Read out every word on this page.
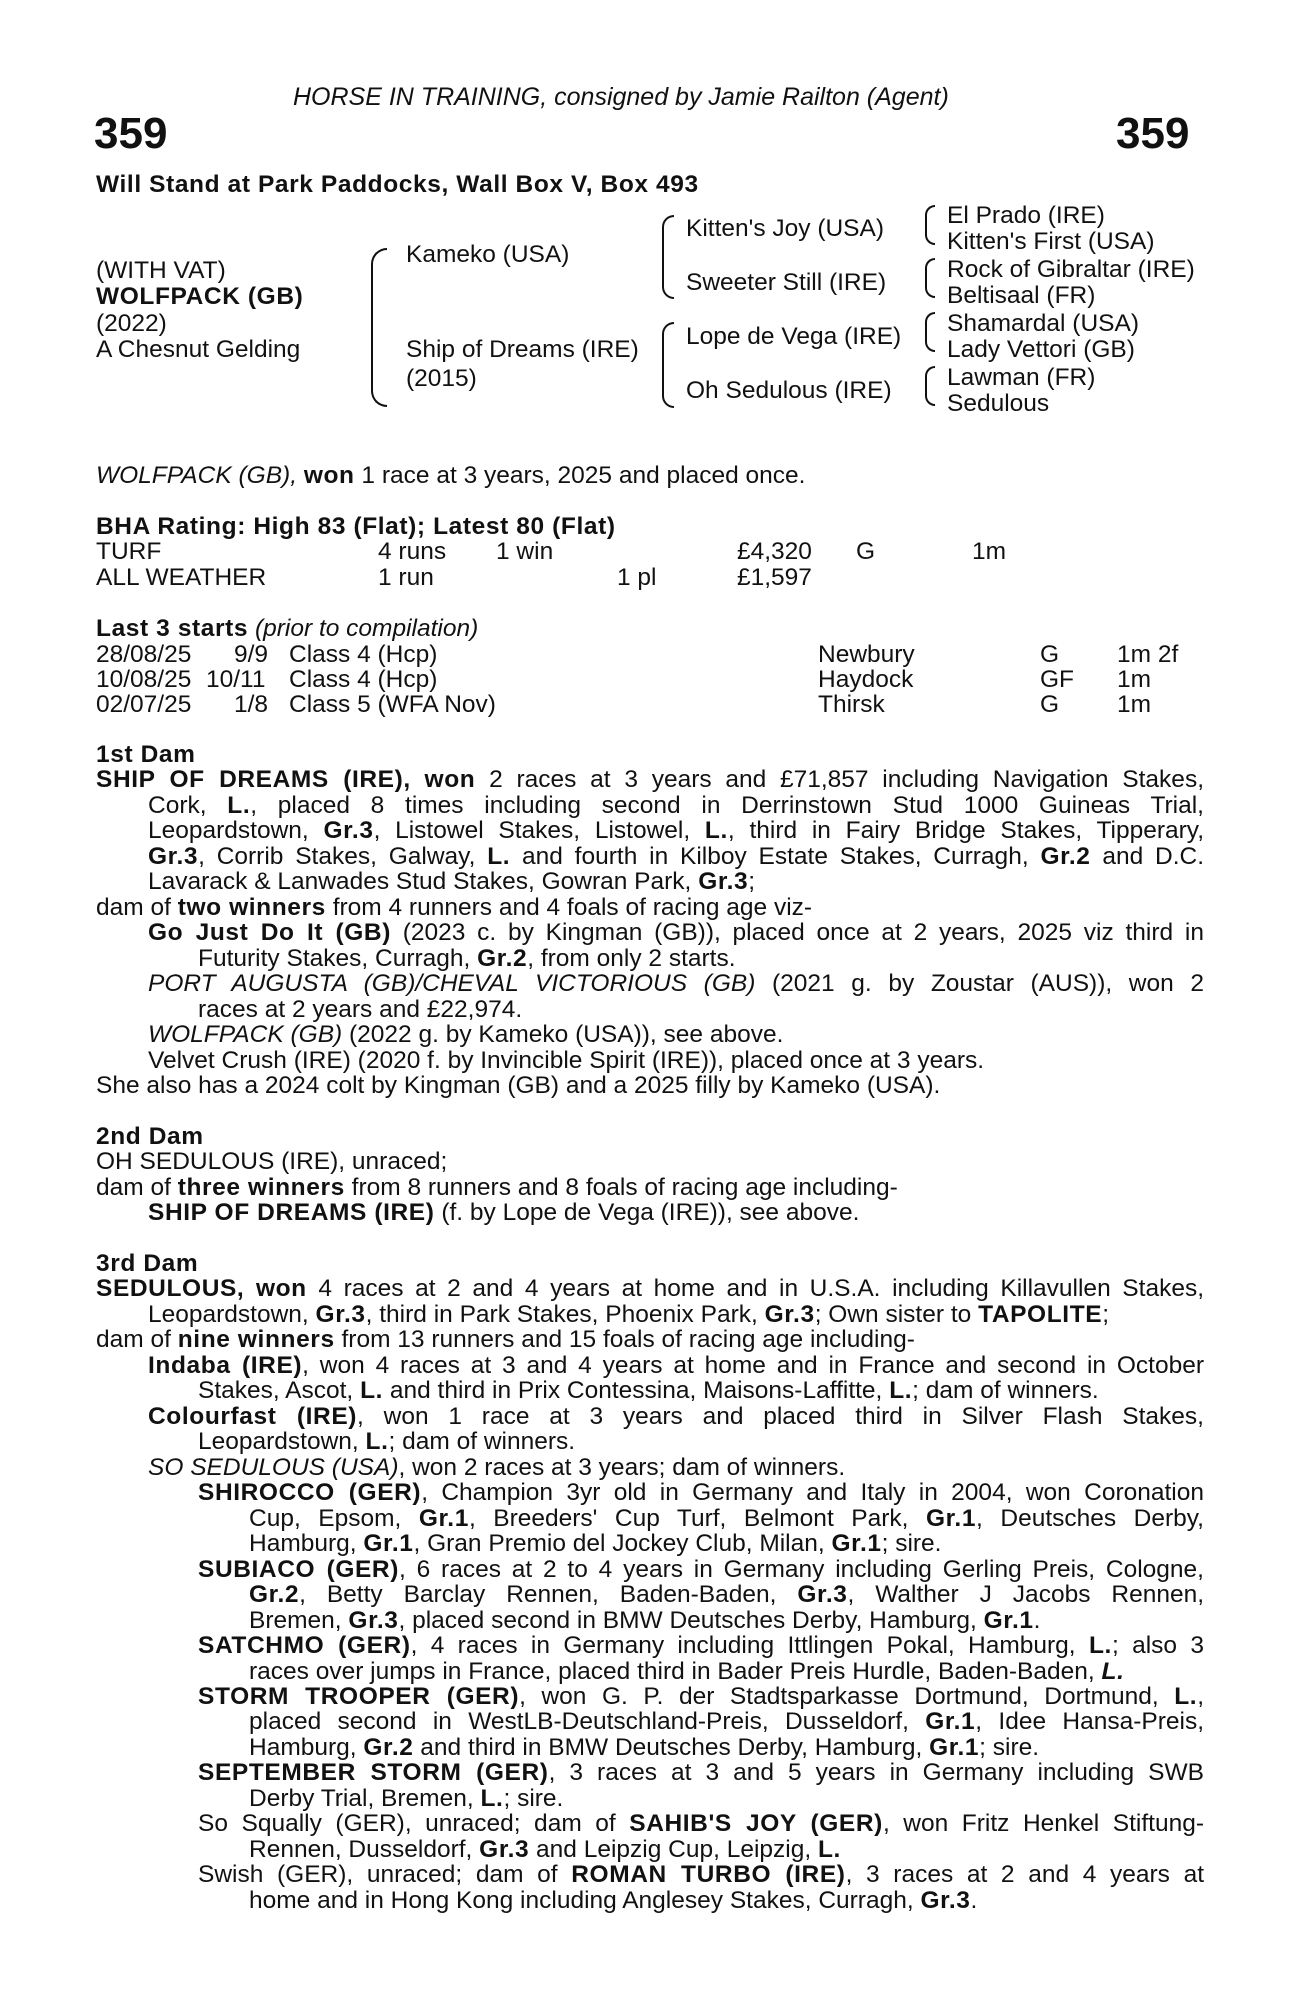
HORSE IN TRAINING, consigned by Jamie Railton (Agent)
359	359
Will Stand at Park Paddocks, Wall Box V, Box 493
(WITH VAT)
WOLFPACK (GB)
(2022)
A Chesnut Gelding
Kameko (USA)
Ship of Dreams (IRE)
(2015)
Kitten's Joy (USA)
Sweeter Still (IRE)
Lope de Vega (IRE)
Oh Sedulous (IRE)
El Prado (IRE)
Kitten's First (USA)
Rock of Gibraltar (IRE)
Beltisaal (FR)
Shamardal (USA)
Lady Vettori (GB)
Lawman (FR)
Sedulous
WOLFPACK (GB), won 1 race at 3 years, 2025 and placed once.
BHA Rating: High 83 (Flat); Latest 80 (Flat)
TURF	4 runs 1 win	£4,320 G	1m
ALL WEATHER	1 run	1 pl	£1,597
Last 3 starts (prior to compilation)
28/08/25 9/9 Class 4 (Hcp)	Newbury	G 1m 2f
10/08/25 10/11 Class 4 (Hcp)	Haydock	GF 1m
02/07/25 1/8 Class 5 (WFA Nov)	Thirsk	G 1m
1st Dam
SHIP OF DREAMS (IRE), won 2 races at 3 years and £71,857 including Navigation Stakes,
Cork, L., placed 8 times including second in Derrinstown Stud 1000 Guineas Trial,
Leopardstown, Gr.3, Listowel Stakes, Listowel, L., third in Fairy Bridge Stakes, Tipperary,
Gr.3, Corrib Stakes, Galway, L. and fourth in Kilboy Estate Stakes, Curragh, Gr.2 and D.C.
Lavarack & Lanwades Stud Stakes, Gowran Park, Gr.3;
dam of two winners from 4 runners and 4 foals of racing age viz-
Go Just Do It (GB) (2023 c. by Kingman (GB)), placed once at 2 years, 2025 viz third in
Futurity Stakes, Curragh, Gr.2, from only 2 starts.
PORT AUGUSTA (GB)/CHEVAL VICTORIOUS (GB) (2021 g. by Zoustar (AUS)), won 2
races at 2 years and £22,974.
WOLFPACK (GB) (2022 g. by Kameko (USA)), see above.
Velvet Crush (IRE) (2020 f. by Invincible Spirit (IRE)), placed once at 3 years.
She also has a 2024 colt by Kingman (GB) and a 2025 filly by Kameko (USA).
2nd Dam
OH SEDULOUS (IRE), unraced;
dam of three winners from 8 runners and 8 foals of racing age including-
SHIP OF DREAMS (IRE) (f. by Lope de Vega (IRE)), see above.
3rd Dam
SEDULOUS, won 4 races at 2 and 4 years at home and in U.S.A. including Killavullen Stakes,
Leopardstown, Gr.3, third in Park Stakes, Phoenix Park, Gr.3; Own sister to TAPOLITE;
dam of nine winners from 13 runners and 15 foals of racing age including-
Indaba (IRE), won 4 races at 3 and 4 years at home and in France and second in October
Stakes, Ascot, L. and third in Prix Contessina, Maisons-Laffitte, L.; dam of winners.
Colourfast (IRE), won 1 race at 3 years and placed third in Silver Flash Stakes,
Leopardstown, L.; dam of winners.
SO SEDULOUS (USA), won 2 races at 3 years; dam of winners.
SHIROCCO (GER), Champion 3yr old in Germany and Italy in 2004, won Coronation
Cup, Epsom, Gr.1, Breeders' Cup Turf, Belmont Park, Gr.1, Deutsches Derby,
Hamburg, Gr.1, Gran Premio del Jockey Club, Milan, Gr.1; sire.
SUBIACO (GER), 6 races at 2 to 4 years in Germany including Gerling Preis, Cologne,
Gr.2, Betty Barclay Rennen, Baden-Baden, Gr.3, Walther J Jacobs Rennen,
Bremen, Gr.3, placed second in BMW Deutsches Derby, Hamburg, Gr.1.
SATCHMO (GER), 4 races in Germany including Ittlingen Pokal, Hamburg, L.; also 3
races over jumps in France, placed third in Bader Preis Hurdle, Baden-Baden, L.
STORM TROOPER (GER), won G. P. der Stadtsparkasse Dortmund, Dortmund, L.,
placed second in WestLB-Deutschland-Preis, Dusseldorf, Gr.1, Idee Hansa-Preis,
Hamburg, Gr.2 and third in BMW Deutsches Derby, Hamburg, Gr.1; sire.
SEPTEMBER STORM (GER), 3 races at 3 and 5 years in Germany including SWB
Derby Trial, Bremen, L.; sire.
So Squally (GER), unraced; dam of SAHIB'S JOY (GER), won Fritz Henkel Stiftung-
Rennen, Dusseldorf, Gr.3 and Leipzig Cup, Leipzig, L.
Swish (GER), unraced; dam of ROMAN TURBO (IRE), 3 races at 2 and 4 years at
home and in Hong Kong including Anglesey Stakes, Curragh, Gr.3.
